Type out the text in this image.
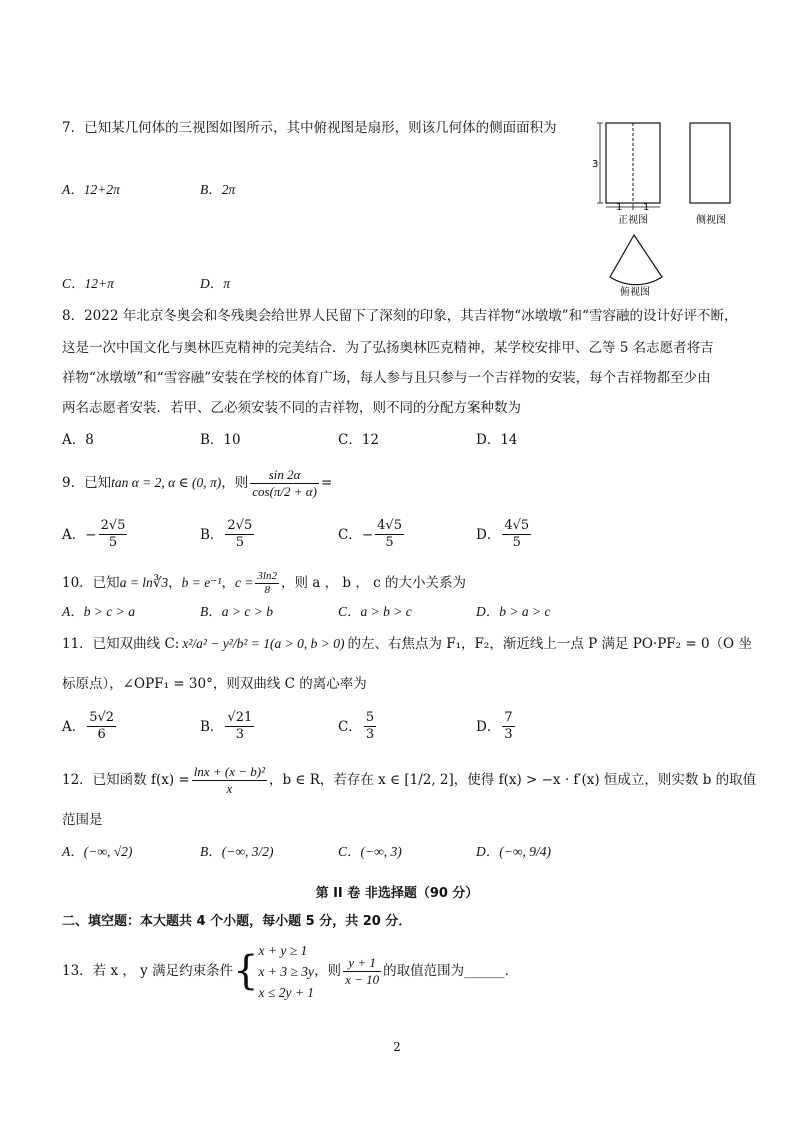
7．已知某几何体的三视图如图所示，其中俯视图是扇形，则该几何体的侧面面积为
A．12+2π	B．2π
C．12+π	D．π
3
1 1
正视图	侧视图
俯视图
8．2022 年北京冬奥会和冬残奥会给世界人民留下了深刻的印象，其吉祥物“冰墩墩”和“雪容融的设计好评不断，
这是一次中国文化与奥林匹克精神的完美结合．为了弘扬奥林匹克精神，某学校安排甲、乙等 5 名志愿者将吉
祥物“冰墩墩”和“雪容融”安装在学校的体育广场，每人参与且只参与一个吉祥物的安装，每个吉祥物都至少由
两名志愿者安装．若甲、乙必须安装不同的吉祥物，则不同的分配方案种数为
A．8	B．10	C．12	D．14
9．已知 tan α = 2, α ∈ (0, π) ，则 $\frac{\sin 2\alpha}{\cos(\pi/2 + \alpha)}$ =
A． − $\frac{2√5}{5}$	B． $\frac{2√5}{5}$	C． − $\frac{4√5}{5}$	D． $\frac{4√5}{5}$
10．已知 a = ln∛3 ， b = e⁻¹ ， $c = \frac{3\ln 2}{8}$ ，则 a ， b ， c 的大小关系为
A．b > c > a	B．a > c > b	C．a > b > c	D．b > a > c
11．已知双曲线 C: x²/a² − y²/b² = 1(a > 0, b > 0) 的左、右焦点为 F₁，F₂，渐近线上一点 P 满足 PO·PF₂ = 0（O 坐
标原点），∠OPF₁ = 30°，则双曲线 C 的离心率为
A． $\frac{5√2}{6}$	B． $\frac{√21}{3}$	C． $\frac{5}{3}$	D． $\frac{7}{3}$
12．已知函数 $f(x) = \frac{\text{lnx + (x − b)²}}{x}$ ，b ∈ R，若存在 x ∈ [1/2, 2]，使得 f(x) > −x · f′(x) 恒成立，则实数 b 的取值
范围是
A．(−∞, √2)	B．(−∞, 3/2)	C．(−∞, 3)	D．(−∞, 9/4)
第 II 卷 非选择题（90 分）
二、填空题：本大题共 4 个小题，每小题 5 分，共 20 分．
13．若 x ， y 满足约束条件 { x + y ≥ 1
x + 3 ≥ 3y
x ≤ 2y + 1
，则 $\frac{y + 1}{x - 10}$ 的取值范围为______．
2
